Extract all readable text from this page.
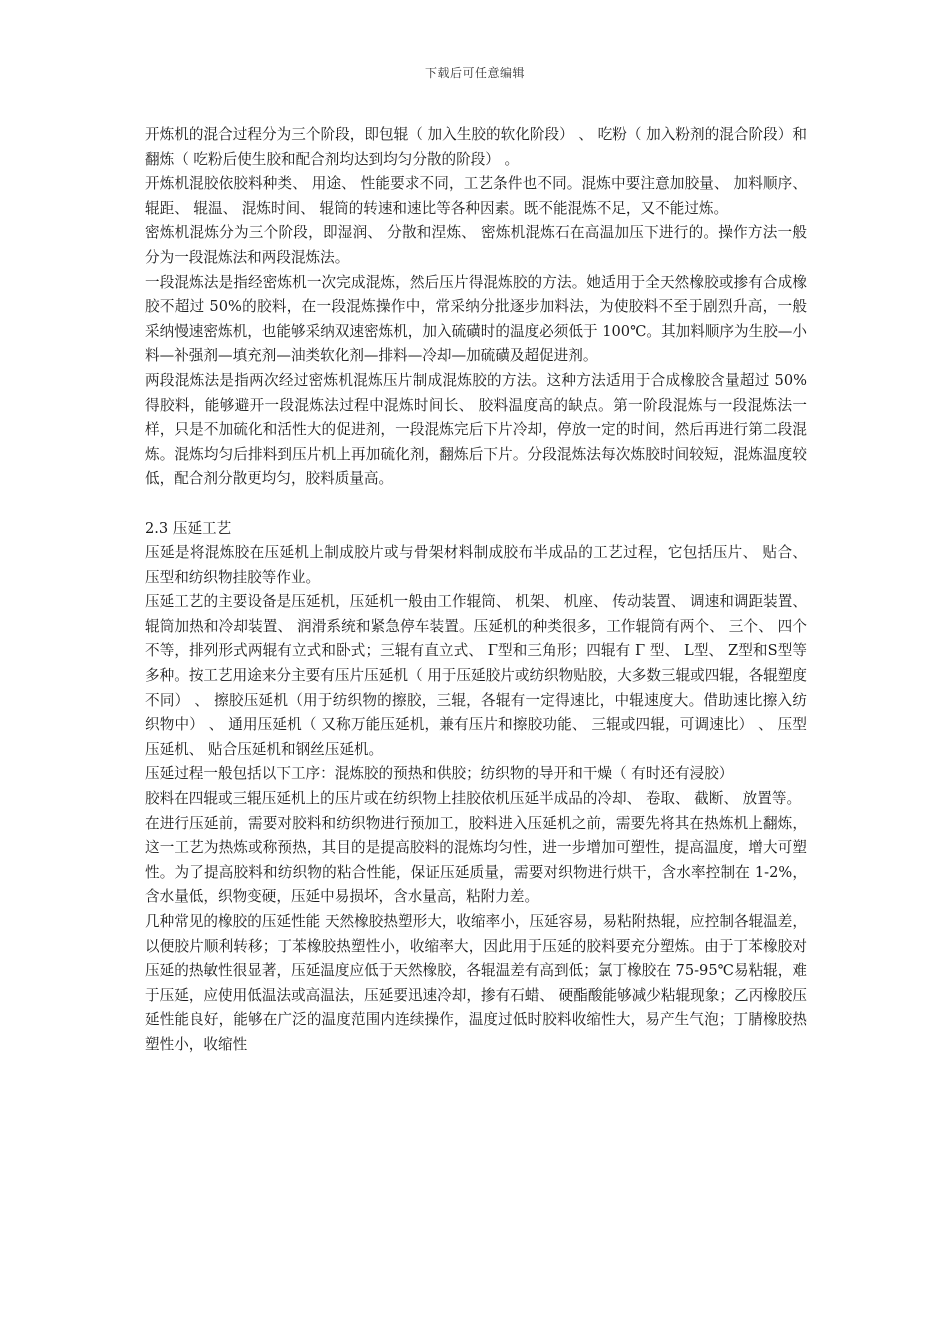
下载后可任意编辑

开炼机的混合过程分为三个阶段，即包辊（ 加入生胶的软化阶段） 、 吃粉（ 加入粉剂的混合阶段）和翻炼（ 吃粉后使生胶和配合剂均达到均匀分散的阶段） 。

开炼机混胶依胶料种类、 用途、 性能要求不同，工艺条件也不同。混炼中要注意加胶量、 加料顺序、 辊距、 辊温、 混炼时间、 辊筒的转速和速比等各种因素。既不能混炼不足，又不能过炼。

密炼机混炼分为三个阶段，即湿润、 分散和涅炼、 密炼机混炼石在高温加压下进行的。操作方法一般分为一段混炼法和两段混炼法。

一段混炼法是指经密炼机一次完成混炼，然后压片得混炼胶的方法。她适用于全天然橡胶或掺有合成橡胶不超过 50%的胶料，在一段混炼操作中，常采纳分批逐步加料法，为使胶料不至于剧烈升高，一般采纳慢速密炼机，也能够采纳双速密炼机，加入硫磺时的温度必须低于 100℃。其加料顺序为生胶—小料—补强剂—填充剂—油类软化剂—排料—冷却—加硫磺及超促进剂。

两段混炼法是指两次经过密炼机混炼压片制成混炼胶的方法。这种方法适用于合成橡胶含量超过 50%得胶料，能够避开一段混炼法过程中混炼时间长、 胶料温度高的缺点。第一阶段混炼与一段混炼法一样，只是不加硫化和活性大的促进剂，一段混炼完后下片冷却，停放一定的时间，然后再进行第二段混炼。混炼均匀后排料到压片机上再加硫化剂，翻炼后下片。分段混炼法每次炼胶时间较短，混炼温度较低，配合剂分散更均匀，胶料质量高。

2.3 压延工艺

压延是将混炼胶在压延机上制成胶片或与骨架材料制成胶布半成品的工艺过程，它包括压片、 贴合、 压型和纺织物挂胶等作业。

压延工艺的主要设备是压延机，压延机一般由工作辊筒、 机架、 机座、 传动装置、 调速和调距装置、 辊筒加热和冷却装置、 润滑系统和紧急停车装置。压延机的种类很多，工作辊筒有两个、 三个、 四个不等，排列形式两辊有立式和卧式；三辊有直立式、 Γ型和三角形；四辊有 Γ 型、 L型、 Z型和S型等多种。按工艺用途来分主要有压片压延机（ 用于压延胶片或纺织物贴胶，大多数三辊或四辊，各辊塑度不同） 、 擦胶压延机（用于纺织物的擦胶，三辊，各辊有一定得速比，中辊速度大。借助速比擦入纺织物中） 、 通用压延机（ 又称万能压延机，兼有压片和擦胶功能、 三辊或四辊，可调速比） 、 压型压延机、 贴合压延机和钢丝压延机。

压延过程一般包括以下工序：混炼胶的预热和供胶；纺织物的导开和干燥（ 有时还有浸胶）

胶料在四辊或三辊压延机上的压片或在纺织物上挂胶依机压延半成品的冷却、 卷取、 截断、 放置等。

在进行压延前，需要对胶料和纺织物进行预加工，胶料进入压延机之前，需要先将其在热炼机上翻炼，这一工艺为热炼或称预热，其目的是提高胶料的混炼均匀性，进一步增加可塑性，提高温度，增大可塑性。为了提高胶料和纺织物的粘合性能，保证压延质量，需要对织物进行烘干，含水率控制在 1-2%，含水量低，织物变硬，压延中易损坏，含水量高，粘附力差。

几种常见的橡胶的压延性能 天然橡胶热塑形大，收缩率小，压延容易，易粘附热辊，应控制各辊温差，以便胶片顺利转移；丁苯橡胶热塑性小，收缩率大，因此用于压延的胶料要充分塑炼。由于丁苯橡胶对压延的热敏性很显著，压延温度应低于天然橡胶，各辊温差有高到低；氯丁橡胶在 75-95℃易粘辊，难于压延，应使用低温法或高温法，压延要迅速冷却，掺有石蜡、 硬酯酸能够减少粘辊现象；乙丙橡胶压延性能良好，能够在广泛的温度范围内连续操作，温度过低时胶料收缩性大，易产生气泡；丁腈橡胶热塑性小，收缩性
